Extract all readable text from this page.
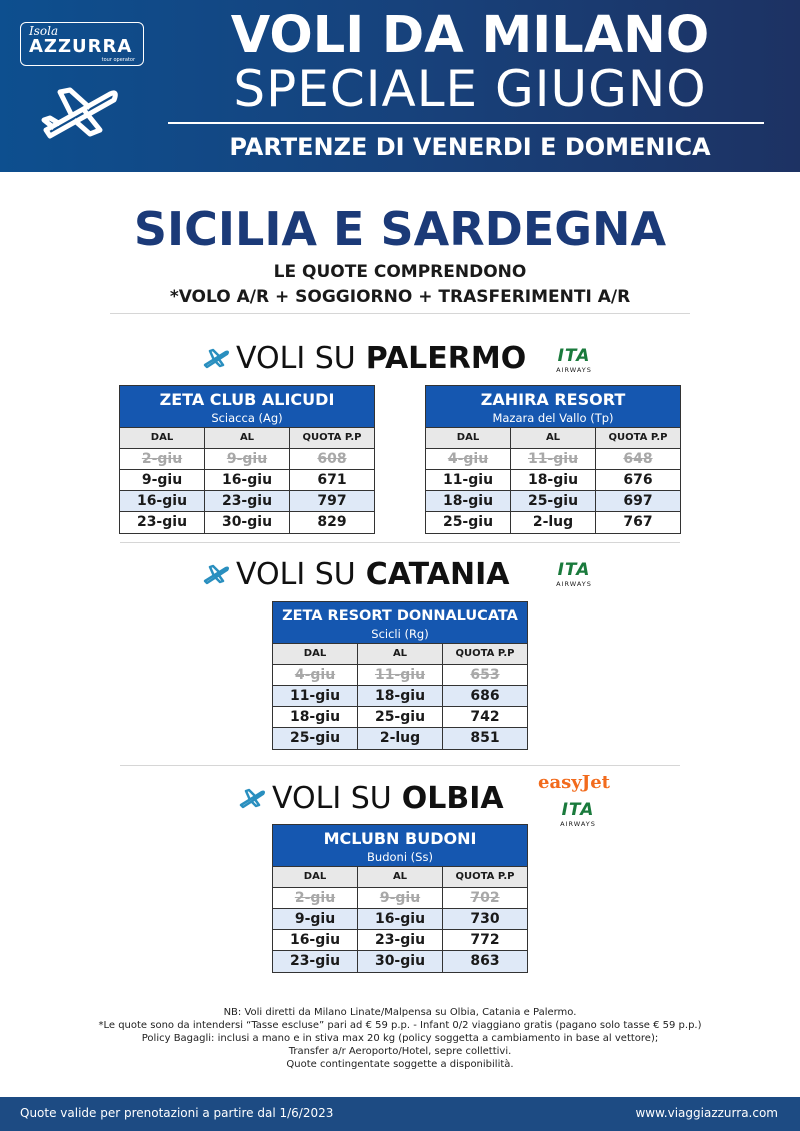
Isola
AZZURRA
tour operator	VOLI DA MILANO
SPECIALE GIUGNO
PARTENZE DI VENERDI E DOMENICA
SICILIA E SARDEGNA
LE QUOTE COMPRENDONO
*VOLO A/R + SOGGIORNO + TRASFERIMENTI A/R
VOLI SU PALERMO	ITA
AIRWAYS
ZETA CLUB ALICUDI
Sciacca (Ag)
DAL	AL	QUOTA P.P
2-giu	9-giu	608
9-giu	16-giu	671
16-giu	23-giu	797
23-giu	30-giu	829
ZAHIRA RESORT
Mazara del Vallo (Tp)
DAL	AL	QUOTA P.P
4-giu	11-giu	648
11-giu	18-giu	676
18-giu	25-giu	697
25-giu	2-lug	767
VOLI SU CATANIA	ITA
AIRWAYS
ZETA RESORT DONNALUCATA
Scicli (Rg)
DAL	AL	QUOTA P.P
4-giu	11-giu	653
11-giu	18-giu	686
18-giu	25-giu	742
25-giu	2-lug	851
VOLI SU OLBIA easyJet
ITA
AIRWAYS
MCLUBN BUDONI
Budoni (Ss)
DAL	AL	QUOTA P.P
2-giu	9-giu	702
9-giu	16-giu	730
16-giu	23-giu	772
23-giu	30-giu	863
NB: Voli diretti da Milano Linate/Malpensa su Olbia, Catania e Palermo.
*Le quote sono da intendersi “Tasse escluse” pari ad € 59 p.p. - Infant 0/2 viaggiano gratis (pagano solo tasse € 59 p.p.)
Policy Bagagli: inclusi a mano e in stiva max 20 kg (policy soggetta a cambiamento in base al vettore);
Transfer a/r Aeroporto/Hotel, sepre collettivi.
Quote contingentate soggette a disponibilità.
Quote valide per prenotazioni a partire dal 1/6/2023	www.viaggiazzurra.com
